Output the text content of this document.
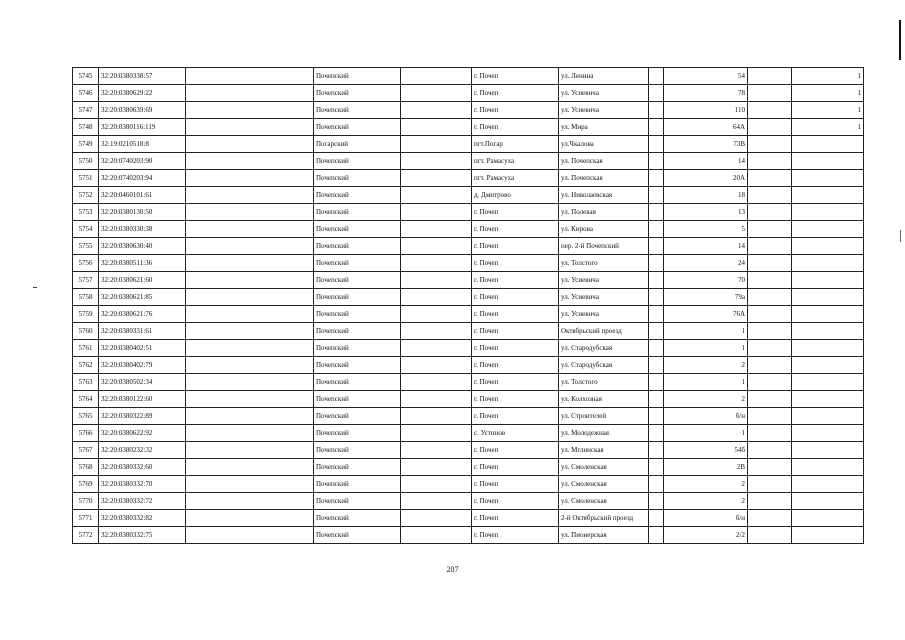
5745	32:20:0380338:57		Почепский		г. Почеп	ул. Ленина		54		1
5746	32:20:0380629:22		Почепский		г. Почеп	ул. Усиевича		78		1
5747	32:20:0380639:69		Почепский		г. Почеп	ул. Усиевича		110		1
5748	32:20:0380116:119		Почепский		г. Почеп	ул. Мира		64А		1
5749	32:19:0210518:8		Погарский		пгт.Погар	ул.Чкалова		73В		
5750	32:20:0740203:90		Почепский		пгт. Рамасуха	ул. Почепская		14		
5751	32:20:0740203:94		Почепский		пгт. Рамасуха	ул. Почепская		20А		
5752	32:20:0460101:61		Почепский		д. Дмитрово	ул. Николаевская		18		
5753	32:20:0380130:50		Почепский		г. Почеп	ул. Полевая		13		
5754	32:20:0380330:38		Почепский		г. Почеп	ул. Кирова		5		
5755	32:20:0380630:40		Почепский		г. Почеп	пер. 2-й Почепский		14		
5756	32:20:0380511:36		Почепский		г. Почеп	ул. Толстого		24		
5757	32:20:0380621:60		Почепский		г. Почеп	ул. Усиевича		70		
5758	32:20:0380621:85		Почепский		г. Почеп	ул. Усиевича		79а		
5759	32:20:0380621:76		Почепский		г. Почеп	ул. Усиевича		76А		
5760	32:20:0380331:61		Почепский		г. Почеп	Октябрьский проезд		1		
5761	32:20:0380402:51		Почепский		г. Почеп	ул. Стародубская		1		
5762	32:20:0380402:79		Почепский		г. Почеп	ул. Стародубская		2		
5763	32:20:0380502:34		Почепский		г. Почеп	ул. Толстого		1		
5764	32:20:0380122:60		Почепский		г. Почеп	ул. Колхозная		2		
5765	32:20:0380322:89		Почепский		г. Почеп	ул. Строителей		б/н		
5766	32:20:0380622:92		Почепский		с. Устинов	ул. Молодежная		1		
5767	32:20:0380232:32		Почепский		г. Почеп	ул. Мглинская		54б		
5768	32:20:0380332:60		Почепский		г. Почеп	ул. Смоленская		2В		
5769	32:20:0380332:70		Почепский		г. Почеп	ул. Смоленская		2		
5770	32:20:0380332:72		Почепский		г. Почеп	ул. Смоленская		2		
5771	32:20:0380332:82		Почепский		г. Почеп	2-й Октябрьский проезд		б/н		
5772	32:20:0380332:75		Почепский		г. Почеп	ул. Пионерская		2/2		
207
